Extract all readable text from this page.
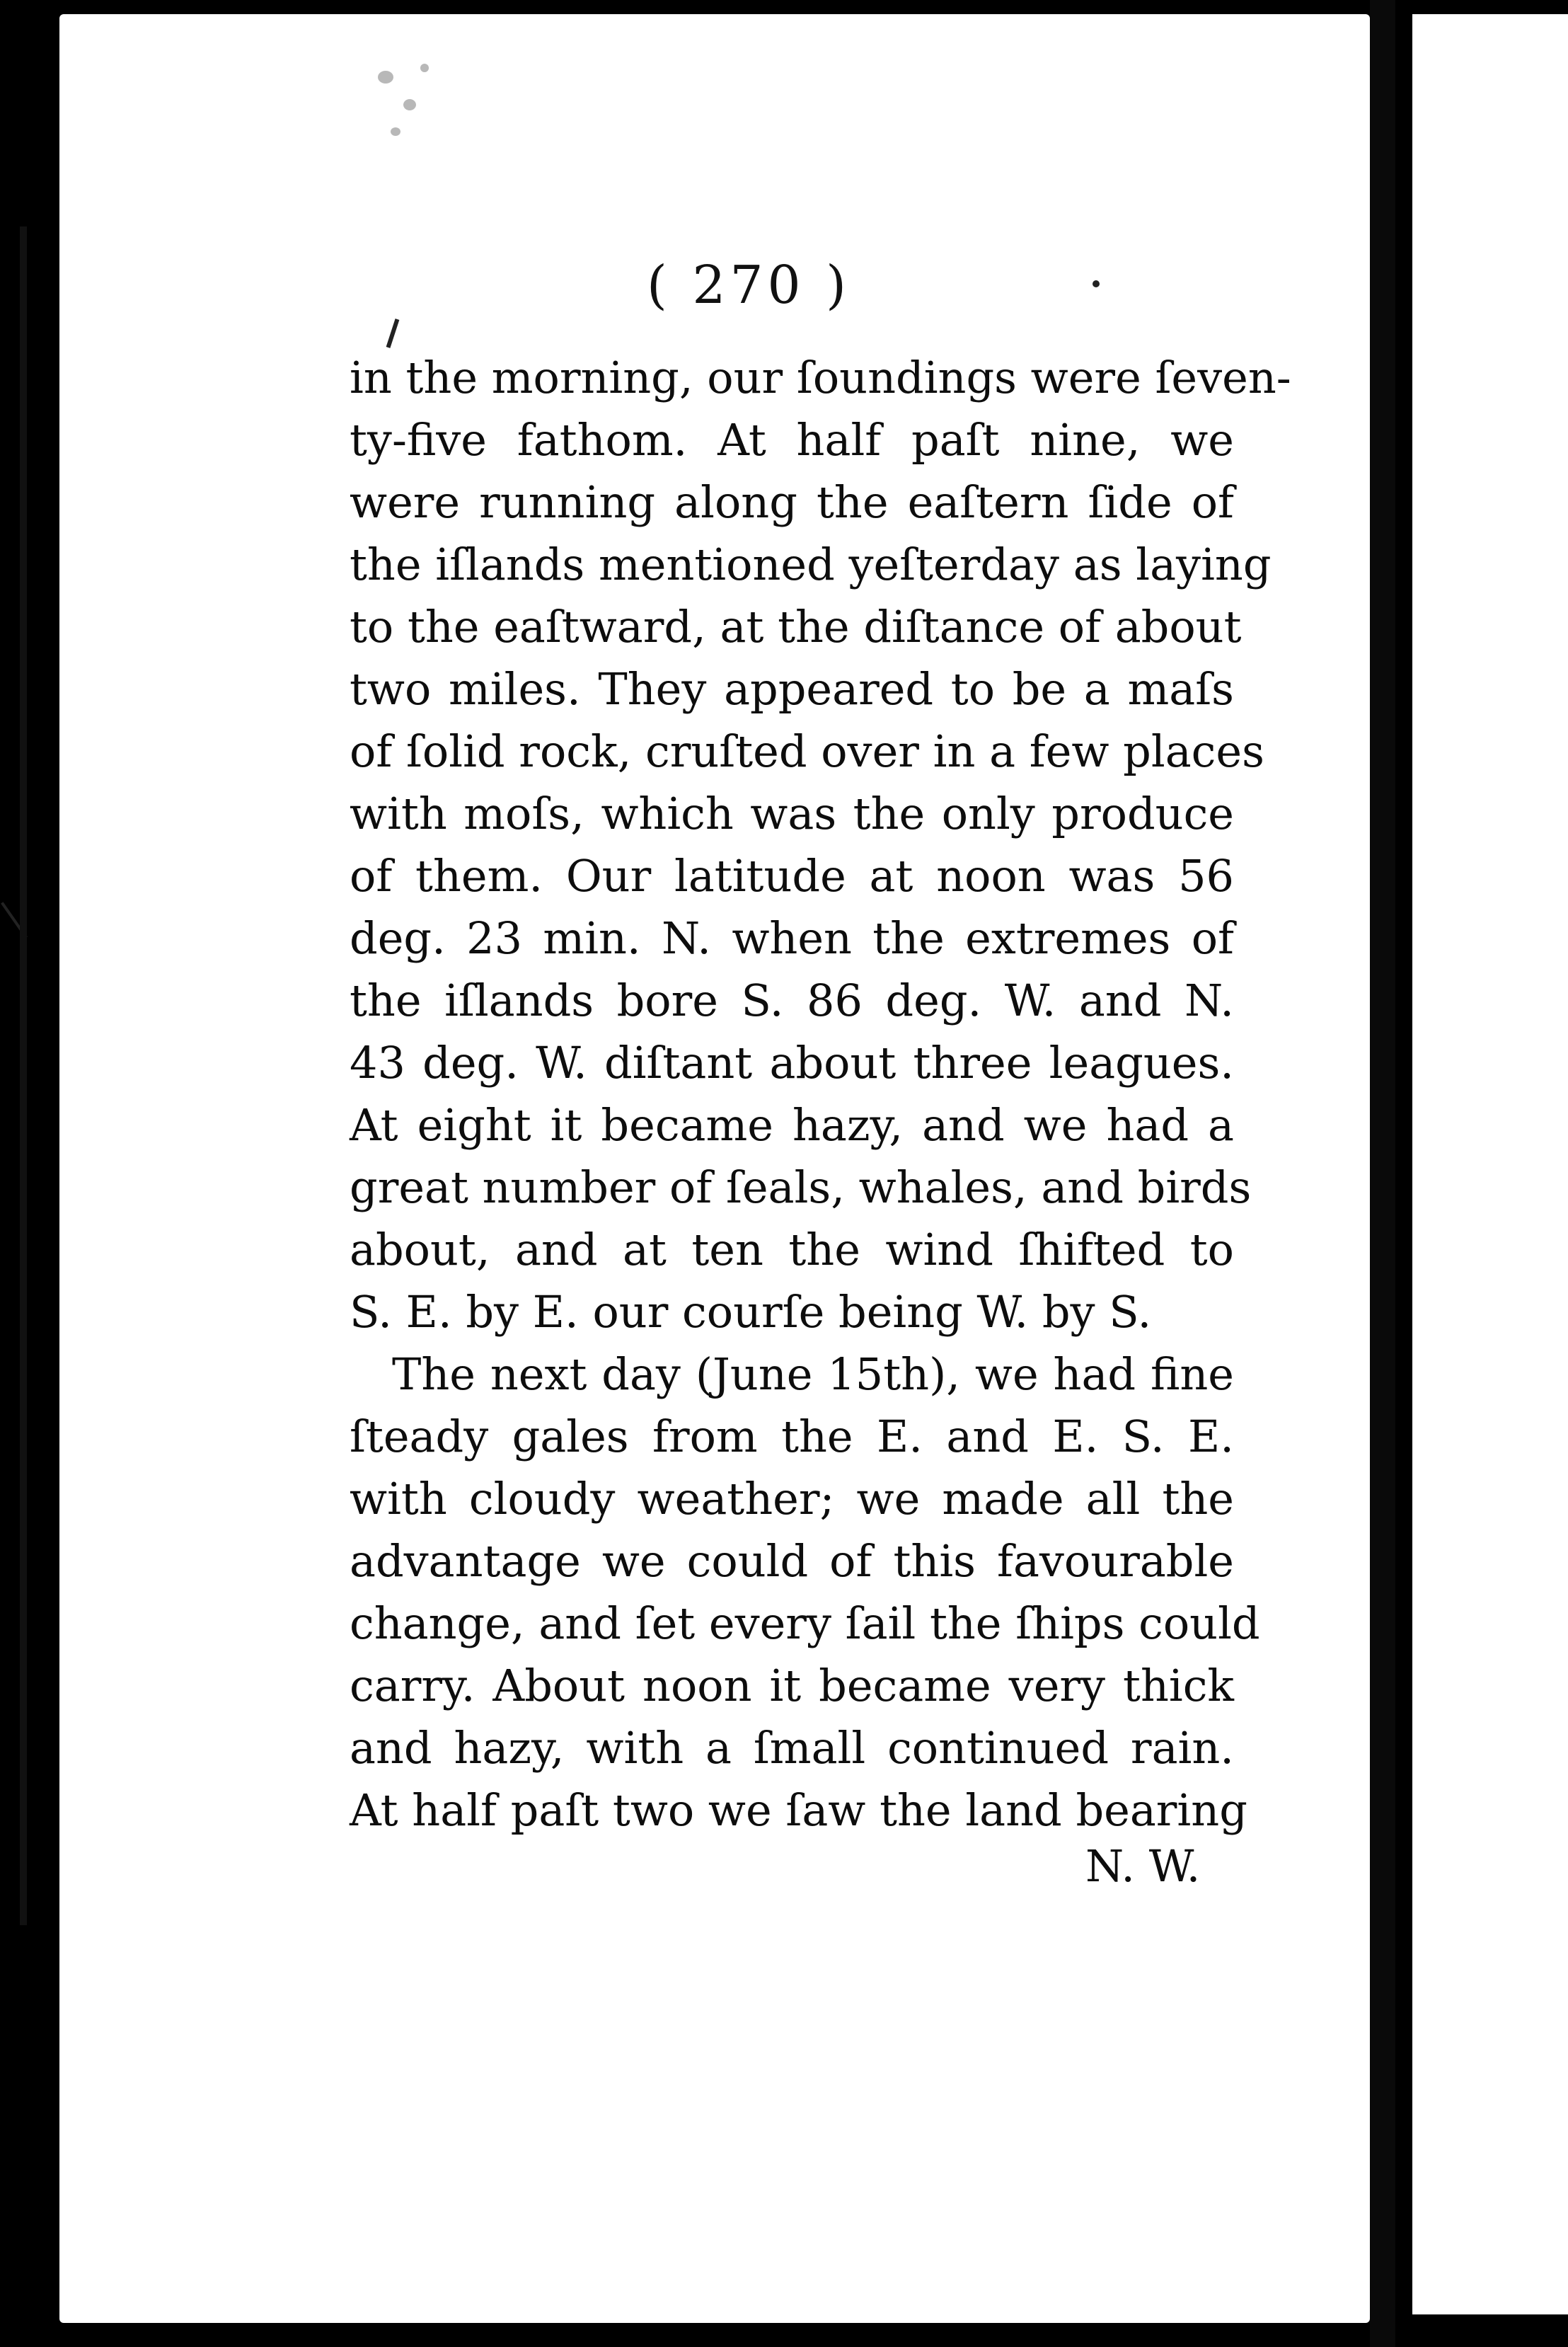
( 270 )
in the morning, our ſoundings were ſeven-
ty-five fathom. At half paſt nine, we
were running along the eaſtern ſide of
the iſlands mentioned yeſterday as laying
to the eaſtward, at the diſtance of about
two miles. They appeared to be a maſs
of ſolid rock, cruſted over in a few places
with moſs, which was the only produce
of them. Our latitude at noon was 56
deg. 23 min. N. when the extremes of
the iſlands bore S. 86 deg. W. and N.
43 deg. W. diſtant about three leagues.
At eight it became hazy, and we had a
great number of ſeals, whales, and birds
about, and at ten the wind ſhifted to
S. E. by E. our courſe being W. by S.
The next day (June 15th), we had fine
ſteady gales from the E. and E. S. E.
with cloudy weather; we made all the
advantage we could of this favourable
change, and ſet every ſail the ſhips could
carry. About noon it became very thick
and hazy, with a ſmall continued rain.
At half paſt two we ſaw the land bearing
N. W.
